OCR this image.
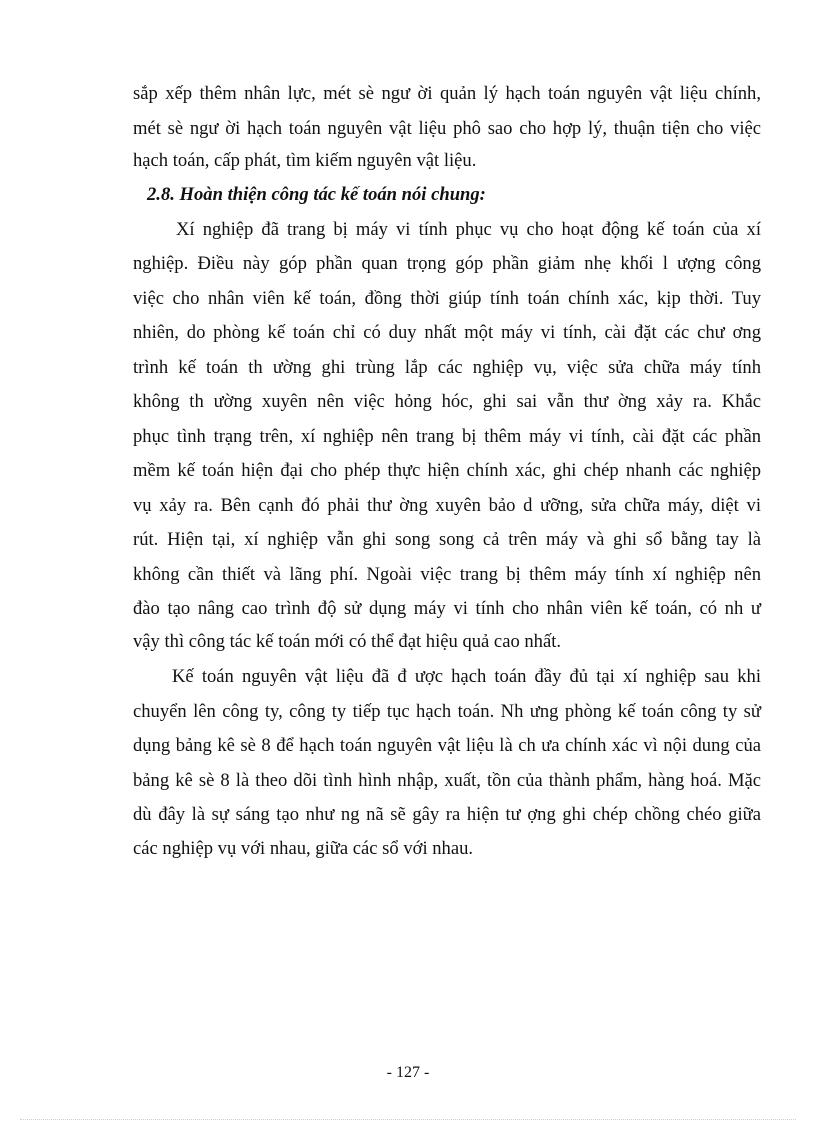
sắp xếp thêm nhân lực, mét sè ngư ời quản lý hạch toán nguyên vật liệu chính,
mét sè ngư ời hạch toán nguyên vật liệu phô sao cho hợp lý, thuận tiện cho việc
hạch toán, cấp phát, tìm kiếm nguyên vật liệu.
2.8. Hoàn thiện công tác kế toán nói chung:
Xí nghiệp đã trang bị máy vi tính phục vụ cho hoạt động kế toán của xí
nghiệp. Điều này góp phần quan trọng góp phần giảm nhẹ khối l ượng công
việc cho nhân viên kế toán, đồng thời giúp tính toán chính xác, kịp thời. Tuy
nhiên, do phòng kế toán chỉ có duy nhất một máy vi tính, cài đặt các chư ơng
trình kế toán th ường ghi trùng lắp các nghiệp vụ, việc sửa chữa máy tính
không th ường xuyên nên việc hỏng hóc, ghi sai vẫn thư ờng xảy ra. Khắc
phục tình trạng trên, xí nghiệp nên trang bị thêm máy vi tính, cài đặt các phần
mềm kế toán hiện đại cho phép thực hiện chính xác, ghi chép nhanh các nghiệp
vụ xảy ra. Bên cạnh đó phải thư ờng xuyên bảo d ưỡng, sửa chữa máy, diệt vi
rút. Hiện tại, xí nghiệp vẫn ghi song song cả trên máy và ghi sổ bằng tay là
không cần thiết và lãng phí. Ngoài việc trang bị thêm máy tính xí nghiệp nên
đào tạo nâng cao trình độ sử dụng máy vi tính cho nhân viên kế toán, có nh ư
vậy thì công tác kế toán mới có thể đạt hiệu quả cao nhất.
Kế toán nguyên vật liệu đã đ ược hạch toán đầy đủ tại xí nghiệp sau khi
chuyển lên công ty, công ty tiếp tục hạch toán. Nh ưng phòng kế toán công ty sử
dụng bảng kê sè 8 để hạch toán nguyên vật liệu là ch ưa chính xác vì nội dung của
bảng kê sè 8 là theo dõi tình hình nhập, xuất, tồn của thành phẩm, hàng hoá. Mặc
dù đây là sự sáng tạo như ng nã sẽ gây ra hiện tư ợng ghi chép chồng chéo giữa
các nghiệp vụ với nhau, giữa các sổ với nhau.
- 127 -
